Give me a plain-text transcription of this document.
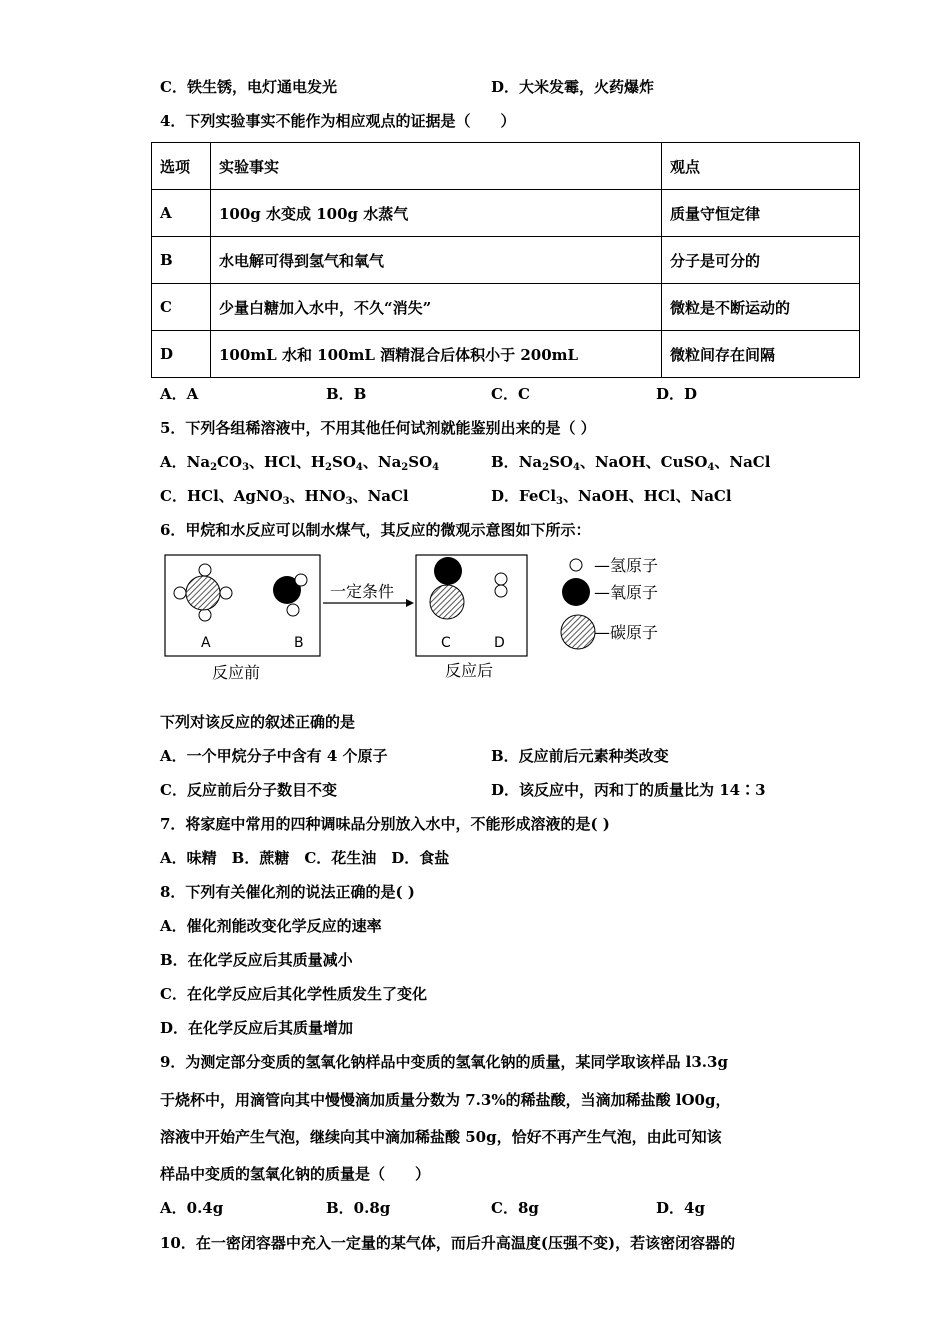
C．铁生锈，电灯通电发光	D．大米发霉，火药爆炸
4．下列实验事实不能作为相应观点的证据是（　　）
选项	实验事实	观点
A	100g 水变成 100g 水蒸气	质量守恒定律
B	水电解可得到氢气和氧气	分子是可分的
C	少量白糖加入水中，不久“消失”	微粒是不断运动的
D	100mL 水和 100mL 酒精混合后体积小于 200mL	微粒间存在间隔
A．A	B．B	C．C	D．D
5．下列各组稀溶液中，不用其他任何试剂就能鉴别出来的是（ ）
A．$Na_2CO_3$、HCl、$H_2SO_4$、$Na_2SO_4$	B．$Na_2SO_4$、NaOH、CuSO$_4$、NaCl
C．HCl、AgNO$_3$、$HNO_3$、NaCl	D．FeCl$_3$、NaOH、HCl、NaCl
6．甲烷和水反应可以制水煤气，其反应的微观示意图如下所示：
A	B
反应前
一定条件
C	D
反应后
—氢原子
—氧原子
—碳原子
下列对该反应的叙述正确的是
A．一个甲烷分子中含有 4 个原子	B．反应前后元素种类改变
C．反应前后分子数目不变	D．该反应中，丙和丁的质量比为 14∶3
7．将家庭中常用的四种调味品分别放入水中，不能形成溶液的是( )
A．味精　B．蔗糖　C．花生油　D．食盐
8．下列有关催化剂的说法正确的是( )
A．催化剂能改变化学反应的速率
B．在化学反应后其质量减小
C．在化学反应后其化学性质发生了变化
D．在化学反应后其质量增加
9．为测定部分变质的氢氧化钠样品中变质的氢氧化钠的质量，某同学取该样品 l3.3g
于烧杯中，用滴管向其中慢慢滴加质量分数为 7.3%的稀盐酸，当滴加稀盐酸 lO0g，
溶液中开始产生气泡，继续向其中滴加稀盐酸 50g，恰好不再产生气泡，由此可知该
样品中变质的氢氧化钠的质量是（　　）
A．0.4g	B．0.8g	C．8g	D．4g
10．在一密闭容器中充入一定量的某气体，而后升高温度(压强不变)，若该密闭容器的
